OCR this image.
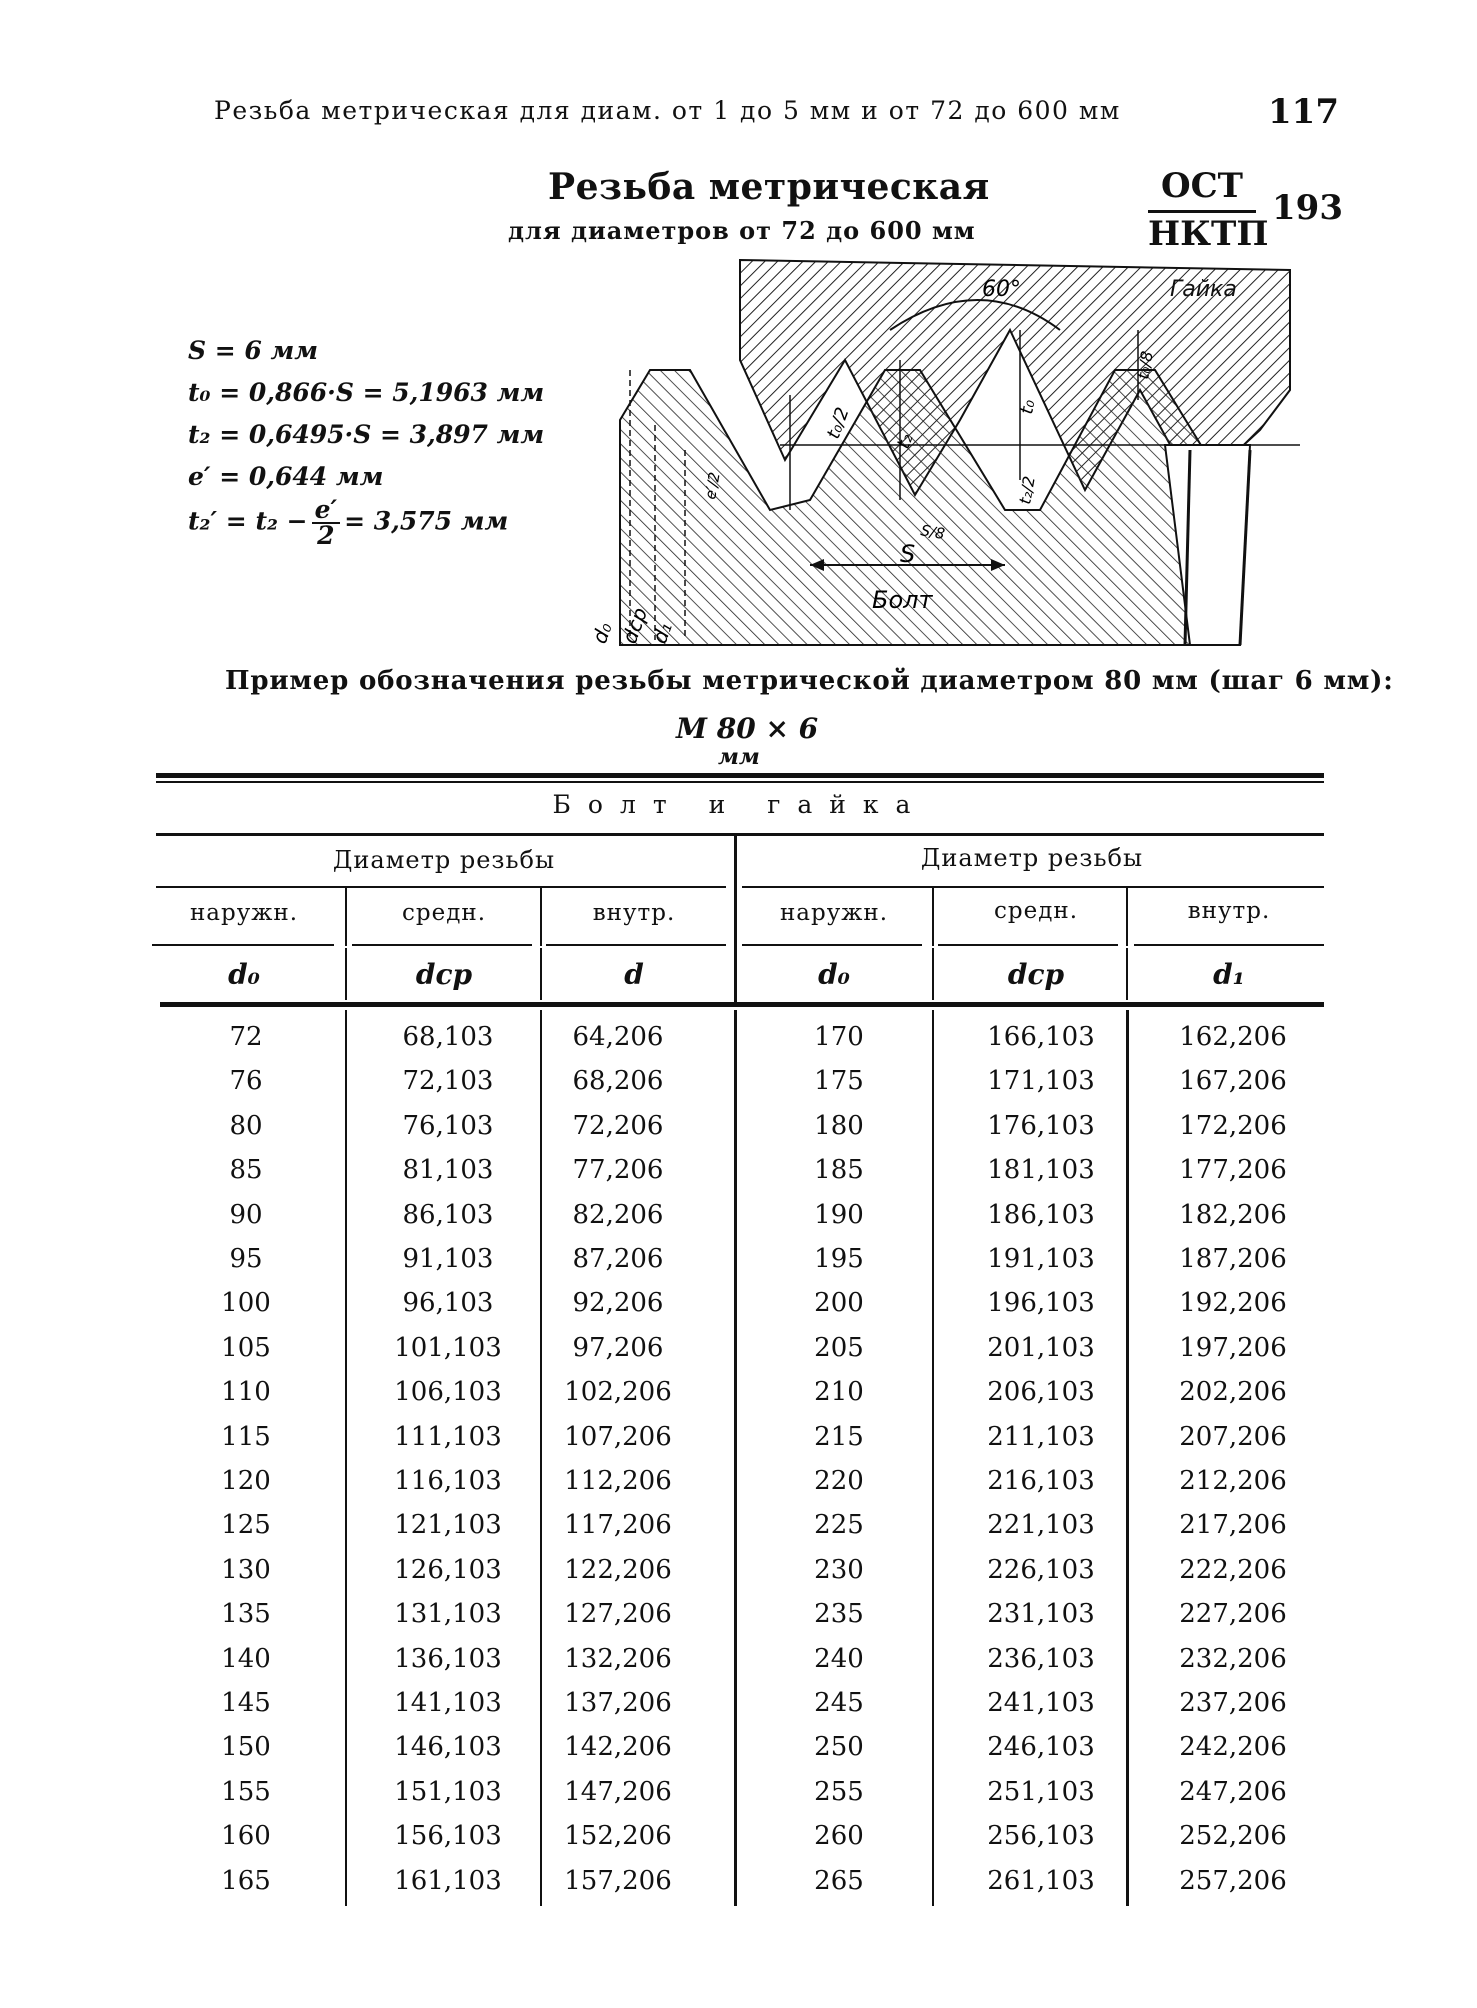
Резьба метрическая для диам. от 1 до 5 мм и от 72 до 600 мм	117
Резьба метрическая
для диаметров от 72 до 600 мм
ОСТ
НКТП
193
S = 6 мм
t₀ = 0,866·S = 5,1963 мм
t₂ = 0,6495·S = 3,897 мм
e′ = 0,644 мм
$t_2' = t_2 - \frac{e'}{2} = 3,575$ мм
60°	Гайка
Болт
S
t₀/2 t₂
t₀
t₀/8
t₂/2
e′/2
S/8
d₀ dcp
d₁
Пример обозначения резьбы метрической диаметром 80 мм (шаг 6 мм):
М 80 × 6
мм
Болт и гайка
Диаметр резьбы	Диаметр резьбы
наружн.	средн.	внутр.	наружн.	средн.	внутр.
d₀	dср	d	d₀	dср	d₁
72	68,103	64,206	170	166,103	162,206
76	72,103	68,206	175	171,103	167,206
80	76,103	72,206	180	176,103	172,206
85	81,103	77,206	185	181,103	177,206
90	86,103	82,206	190	186,103	182,206
95	91,103	87,206	195	191,103	187,206
100	96,103	92,206	200	196,103	192,206
105	101,103	97,206	205	201,103	197,206
110	106,103	102,206	210	206,103	202,206
115	111,103	107,206	215	211,103	207,206
120	116,103	112,206	220	216,103	212,206
125	121,103	117,206	225	221,103	217,206
130	126,103	122,206	230	226,103	222,206
135	131,103	127,206	235	231,103	227,206
140	136,103	132,206	240	236,103	232,206
145	141,103	137,206	245	241,103	237,206
150	146,103	142,206	250	246,103	242,206
155	151,103	147,206	255	251,103	247,206
160	156,103	152,206	260	256,103	252,206
165	161,103	157,206	265	261,103	257,206
